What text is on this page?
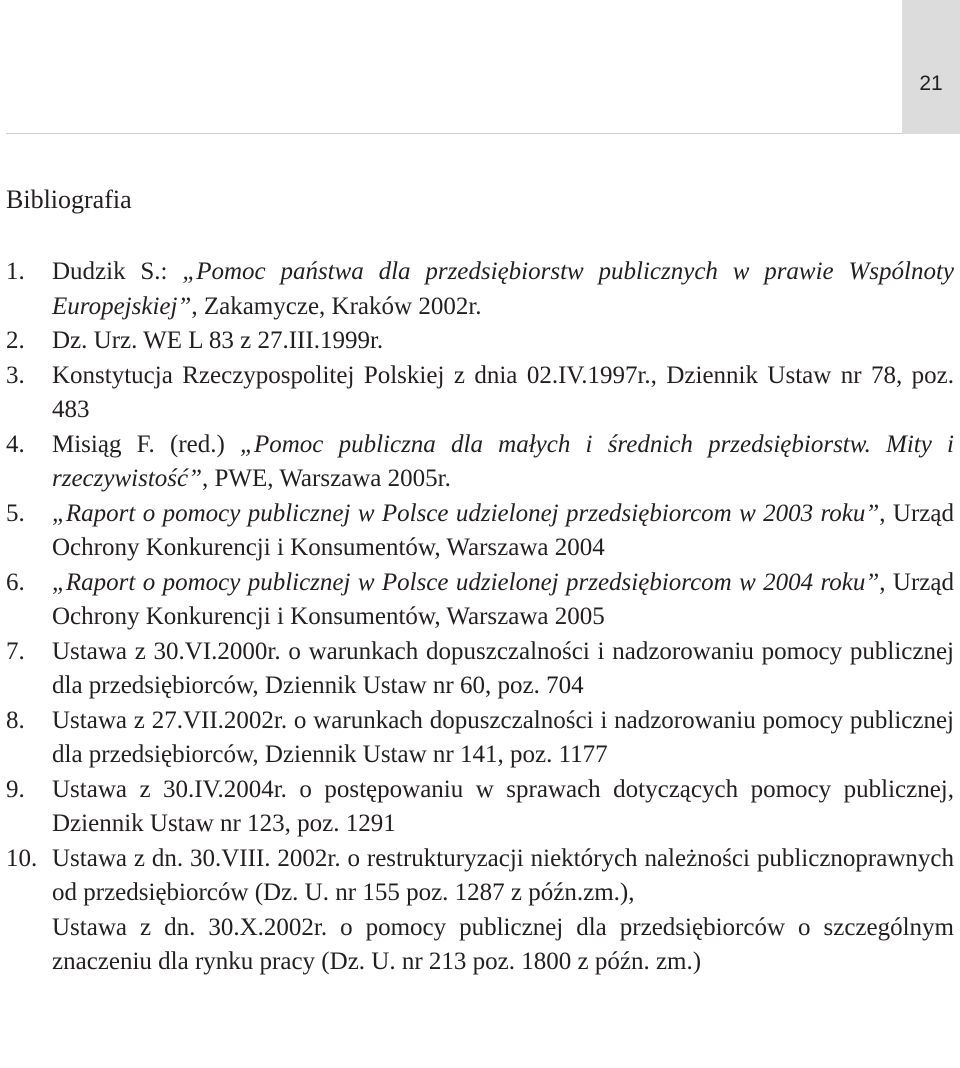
21
Bibliografia
1. Dudzik S.: „Pomoc państwa dla przedsiębiorstw publicznych w prawie Wspólnoty Europejskiej”, Zakamycze, Kraków 2002r.
2. Dz. Urz. WE L 83 z 27.III.1999r.
3. Konstytucja Rzeczypospolitej Polskiej z dnia 02.IV.1997r., Dziennik Ustaw nr 78, poz. 483
4. Misiąg F. (red.) „Pomoc publiczna dla małych i średnich przedsiębiorstw. Mity i rzeczywistość”, PWE, Warszawa 2005r.
5. „Raport o pomocy publicznej w Polsce udzielonej przedsiębiorcom w 2003 roku”, Urząd Ochrony Konkurencji i Konsumentów, Warszawa 2004
6. „Raport o pomocy publicznej w Polsce udzielonej przedsiębiorcom w 2004 roku”, Urząd Ochrony Konkurencji i Konsumentów, Warszawa 2005
7. Ustawa z 30.VI.2000r. o warunkach dopuszczalności i nadzorowaniu pomocy publicznej dla przedsiębiorców, Dziennik Ustaw nr 60, poz. 704
8. Ustawa z 27.VII.2002r. o warunkach dopuszczalności i nadzorowaniu pomocy publicznej dla przedsiębiorców, Dziennik Ustaw nr 141, poz. 1177
9. Ustawa z 30.IV.2004r. o postępowaniu w sprawach dotyczących pomocy publicznej, Dziennik Ustaw nr 123, poz. 1291
10. Ustawa z dn. 30.VIII. 2002r. o restrukturyzacji niektórych należności publicznoprawnych od przedsiębiorców (Dz. U. nr 155 poz. 1287 z późn.zm.),
Ustawa z dn. 30.X.2002r. o pomocy publicznej dla przedsiębiorców o szczególnym znaczeniu dla rynku pracy (Dz. U. nr 213 poz. 1800 z późn. zm.)
